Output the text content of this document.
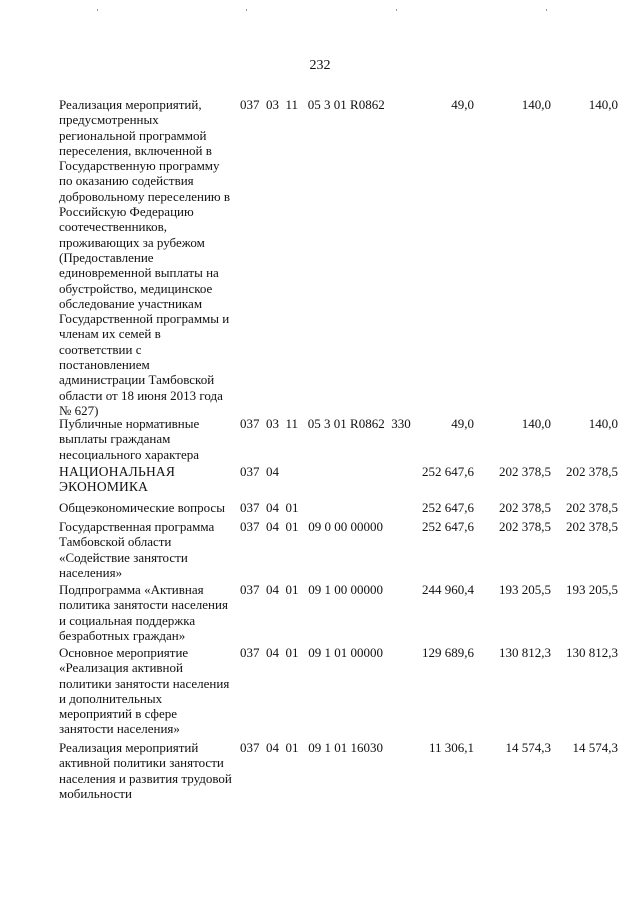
232
Реализация мероприятий,
предусмотренных
региональной программой
переселения, включенной в
Государственную программу
по оказанию содействия
добровольному переселению в
Российскую Федерацию
соотечественников,
проживающих за рубежом
(Предоставление
единовременной выплаты на
обустройство, медицинское
обследование участникам
Государственной программы и
членам их семей в
соответствии с
постановлением
администрации Тамбовской
области от 18 июня 2013 года
№ 627)
037  03  11   05 3 01 R0862	49,0	140,0	140,0
Публичные нормативные
выплаты гражданам
несоциального характера
037  03  11   05 3 01 R0862  330	49,0	140,0	140,0
НАЦИОНАЛЬНАЯ
ЭКОНОМИКА
037  04	252 647,6 202 378,5 202 378,5
Общеэкономические вопросы	037  04  01	252 647,6 202 378,5 202 378,5
Государственная программа
Тамбовской области
«Содействие занятости
населения»
037  04  01   09 0 00 00000	252 647,6 202 378,5 202 378,5
Подпрограмма «Активная
политика занятости населения
и социальная поддержка
безработных граждан»
037  04  01   09 1 00 00000	244 960,4 193 205,5 193 205,5
Основное мероприятие
«Реализация активной
политики занятости населения
и дополнительных
мероприятий в сфере
занятости населения»
037  04  01   09 1 01 00000	129 689,6 130 812,3 130 812,3
Реализация мероприятий
активной политики занятости
населения и развития трудовой
мобильности
037  04  01   09 1 01 16030	11 306,1 14 574,3 14 574,3
